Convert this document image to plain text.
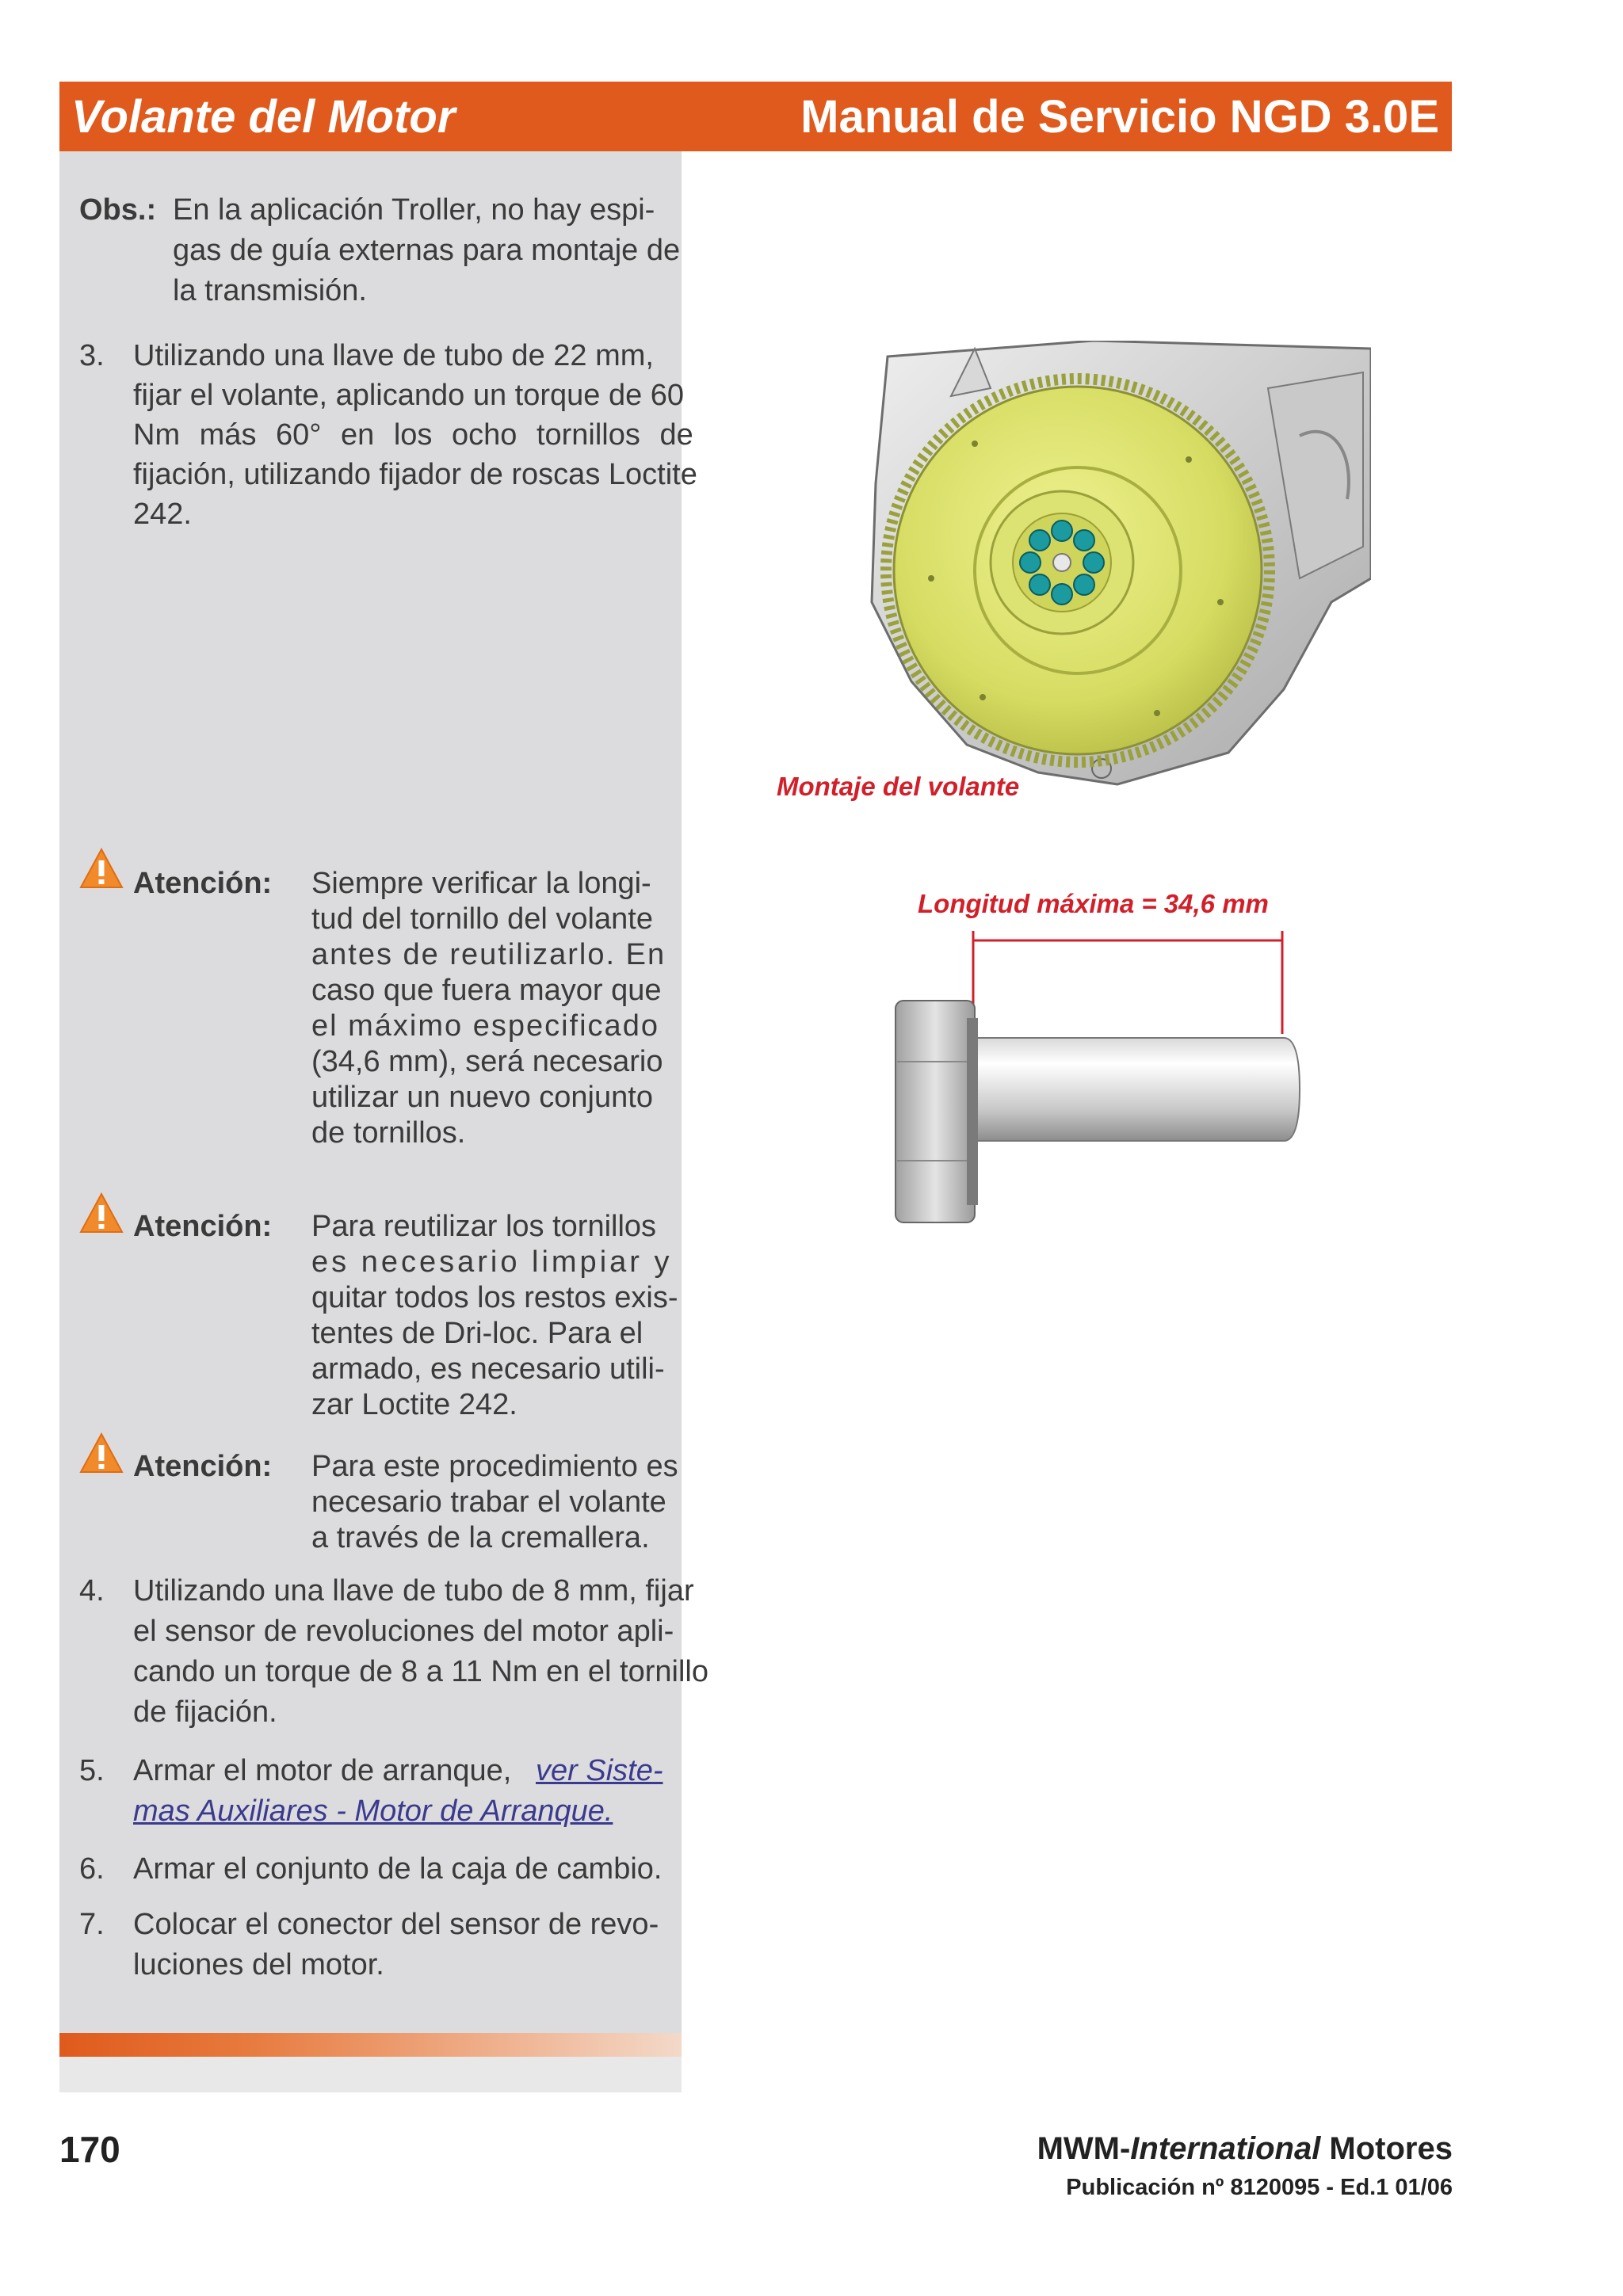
Volante del Motor	Manual de Servicio NGD 3.0E
Obs.: En la aplicación Troller, no hay espi-
gas de guía externas para montaje de
la transmisión.
3. Utilizando una llave de tubo de 22 mm,
fijar el volante, aplicando un torque de 60
Nm más 60° en los ocho tornillos de
fijación, utilizando fijador de roscas Loctite
242.
Atención: Siempre verificar la longi-
tud del tornillo del volante
antes de reutilizarlo. En
caso que fuera mayor que
el máximo especificado
(34,6 mm), será necesario
utilizar un nuevo conjunto
de tornillos.
Atención: Para reutilizar los tornillos
es necesario limpiar y
quitar todos los restos exis-
tentes de Dri-loc. Para el
armado, es necesario utili-
zar Loctite 242.
Atención: Para este procedimiento es
necesario trabar el volante
a través de la cremallera.
4. Utilizando una llave de tubo de 8 mm, fijar
el sensor de revoluciones del motor apli-
cando un torque de 8 a 11 Nm en el tornillo
de fijación.
5. Armar el motor de arranque, ver Siste-
mas Auxiliares - Motor de Arranque.
6. Armar el conjunto de la caja de cambio.
7. Colocar el conector del sensor de revo-
luciones del motor.
Montaje del volante
Longitud máxima = 34,6 mm
170	MWM-International Motores
Publicación nº 8120095 - Ed.1 01/06
